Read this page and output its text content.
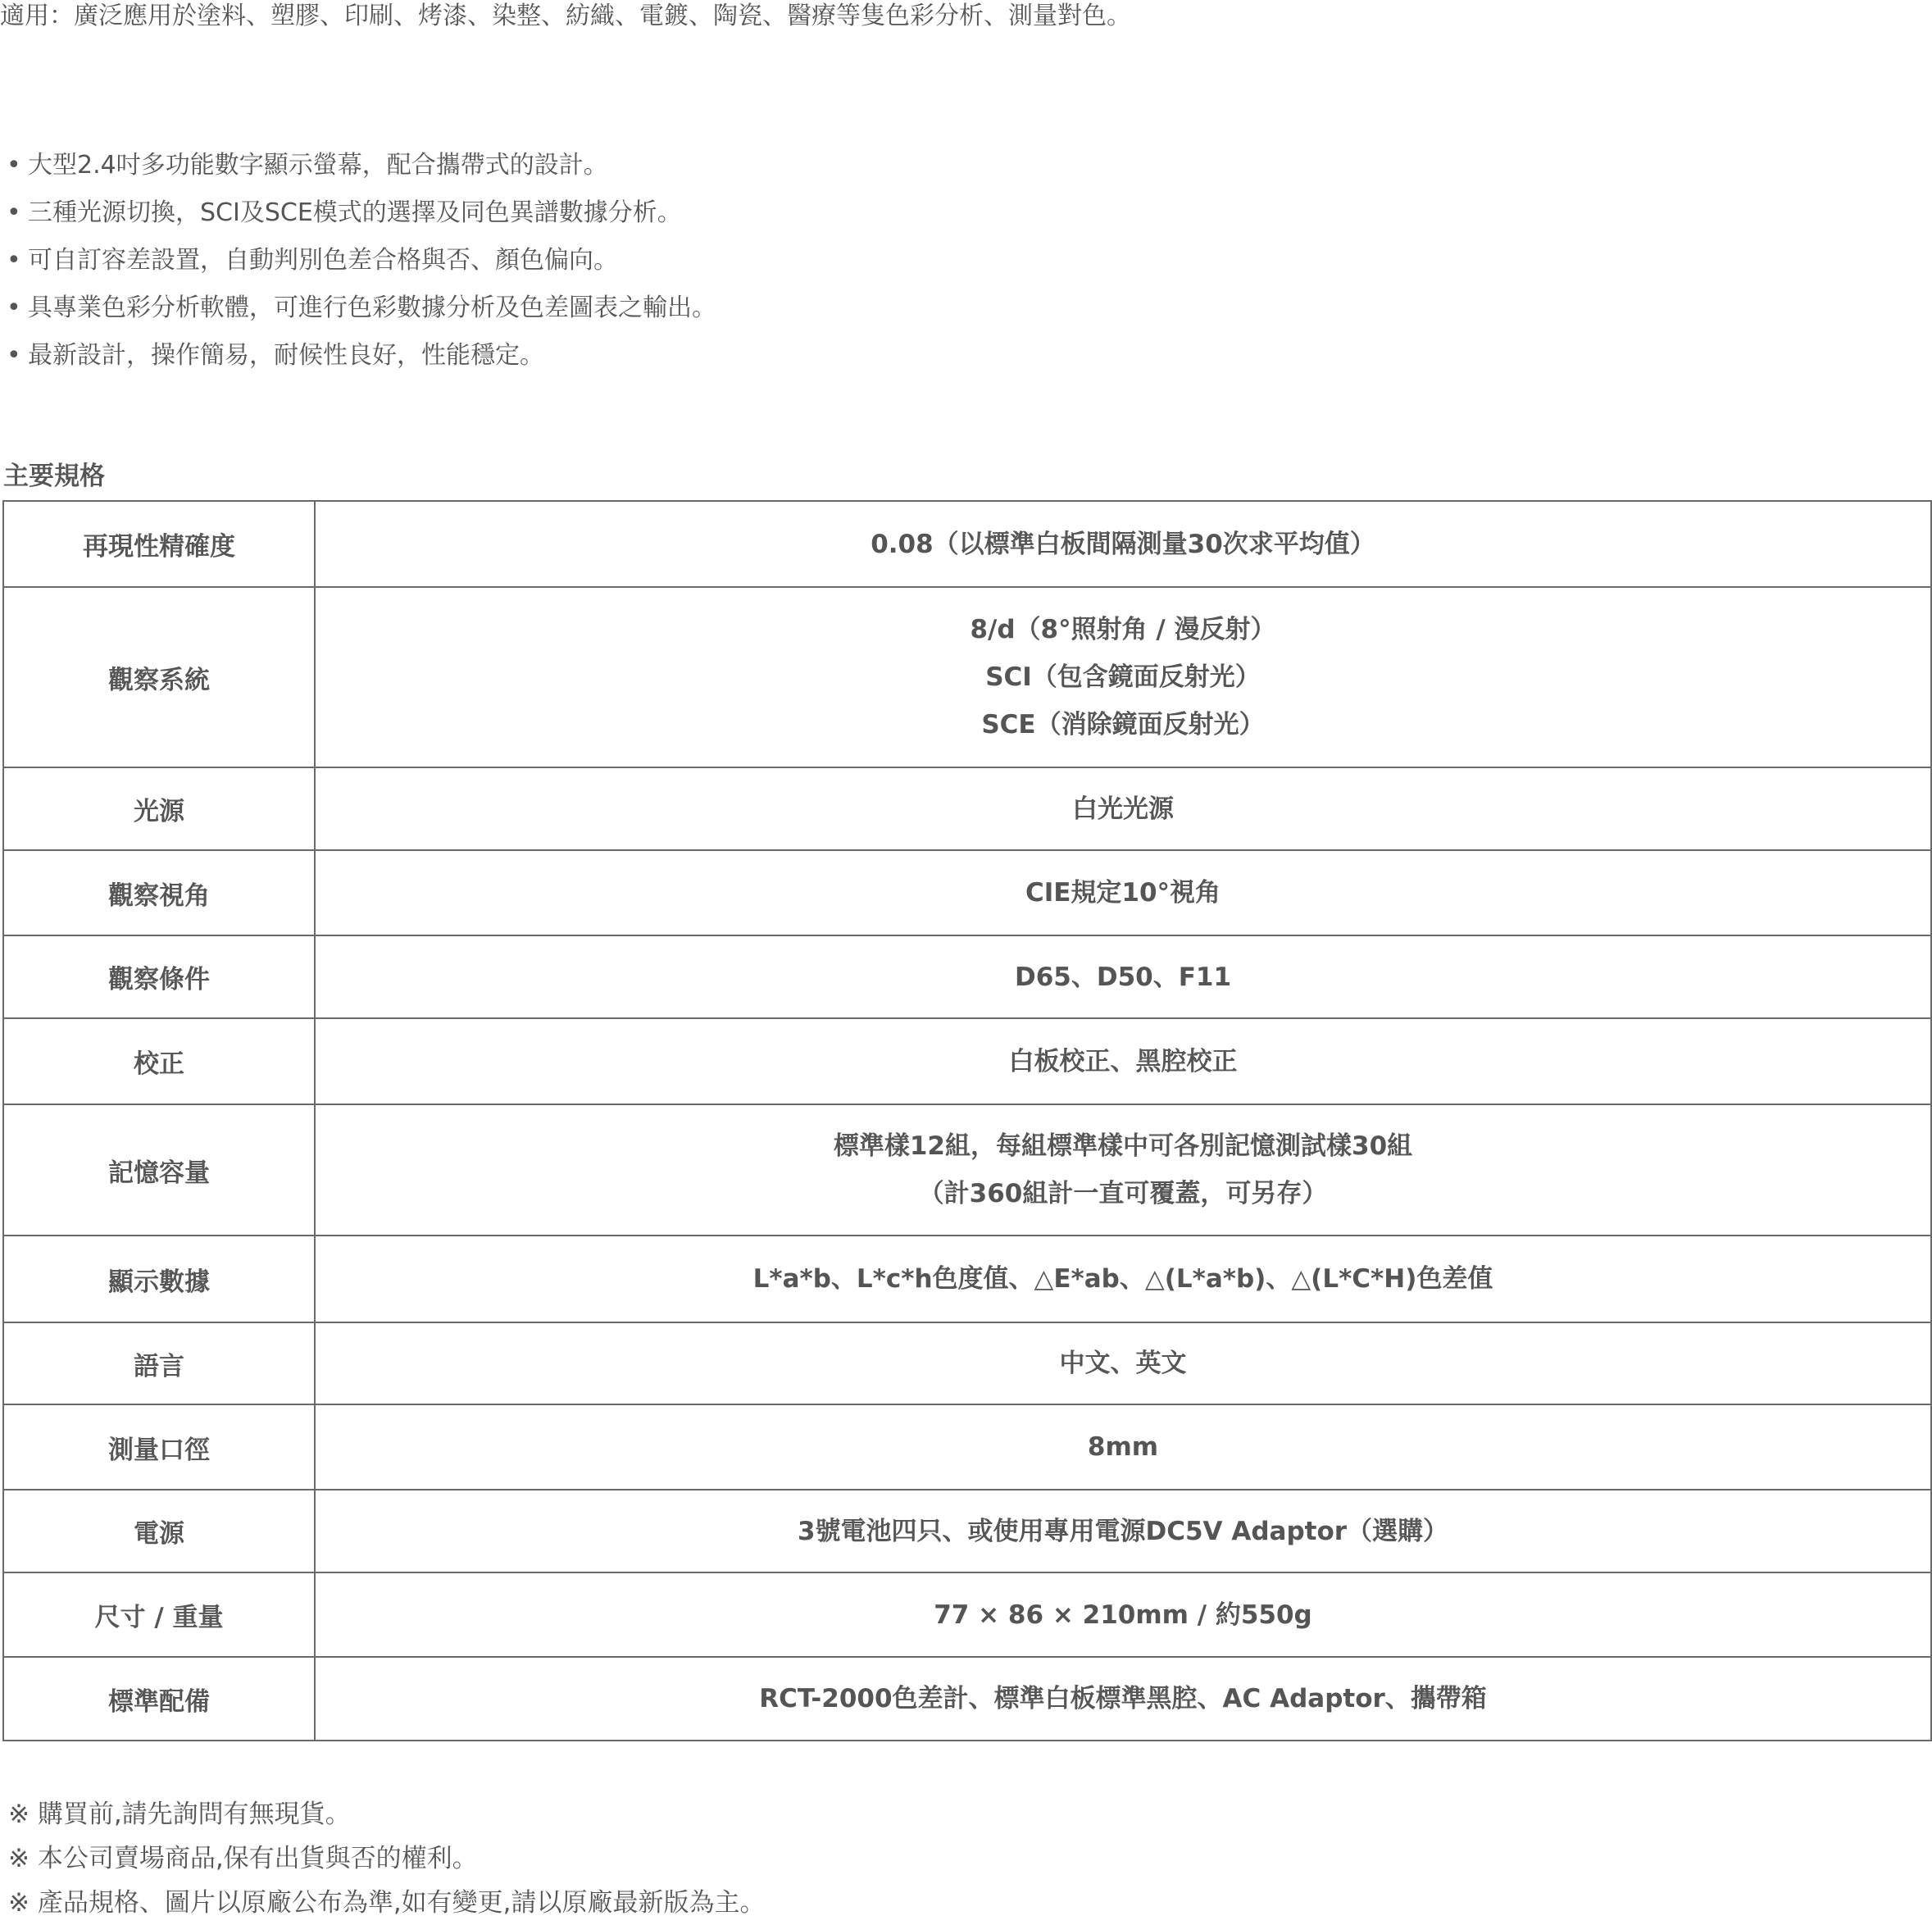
適用：廣泛應用於塗料、塑膠、印刷、烤漆、染整、紡織、電鍍、陶瓷、醫療等隻色彩分析、測量對色。
• 大型2.4吋多功能數字顯示螢幕，配合攜帶式的設計。
• 三種光源切換，SCI及SCE模式的選擇及同色異譜數據分析。
• 可自訂容差設置，自動判別色差合格與否、顏色偏向。
• 具專業色彩分析軟體，可進行色彩數據分析及色差圖表之輸出。
• 最新設計，操作簡易，耐候性良好，性能穩定。
主要規格
再現性精確度	0.08（以標準白板間隔測量30次求平均值）

觀察系統	8/d（8°照射角 / 漫反射）
SCI（包含鏡面反射光）
SCE（消除鏡面反射光）

光源	白光光源

觀察視角	CIE規定10°視角

觀察條件	D65、D50、F11

校正	白板校正、黑腔校正

記憶容量	標準樣12組，每組標準樣中可各別記憶測試樣30組
（計360組計一直可覆蓋，可另存）

顯示數據	L*a*b、L*c*h色度值、△E*ab、△(L*a*b)、△(L*C*H)色差值

語言	中文、英文

測量口徑	8mm

電源	3號電池四只、或使用專用電源DC5V Adaptor（選購）

尺寸 / 重量	77 × 86 × 210mm / 約550g

標準配備	RCT-2000色差計、標準白板標準黑腔、AC Adaptor、攜帶箱
※ 購買前,請先詢問有無現貨。
※ 本公司賣場商品,保有出貨與否的權利。
※ 產品規格、圖片以原廠公布為準,如有變更,請以原廠最新版為主。
